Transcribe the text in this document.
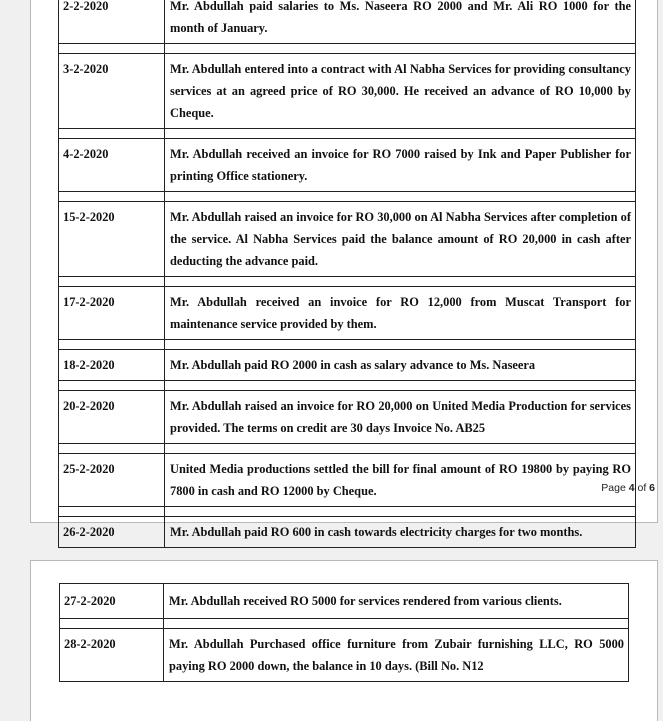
2-2-2020	Mr. Abdullah paid salaries to Ms. Naseera RO 2000 and Mr. Ali RO 1000 for the month of January.

3-2-2020	Mr. Abdullah entered into a contract with Al Nabha Services for providing consultancy services at an agreed price of RO 30,000. He received an advance of RO 10,000 by Cheque.

4-2-2020	Mr. Abdullah received an invoice for RO 7000 raised by Ink and Paper Publisher for printing Office stationery.

15-2-2020	Mr. Abdullah raised an invoice for RO 30,000 on Al Nabha Services after completion of the service. Al Nabha Services paid the balance amount of RO 20,000 in cash after deducting the advance paid.

17-2-2020	Mr. Abdullah received an invoice for RO 12,000 from Muscat Transport for maintenance service provided by them.

18-2-2020	Mr. Abdullah paid RO 2000 in cash as salary advance to Ms. Naseera

20-2-2020	Mr. Abdullah raised an invoice for RO 20,000 on United Media Production for services provided. The terms on credit are 30 days Invoice No. AB25

25-2-2020	United Media productions settled the bill for final amount of RO 19800 by paying RO 7800 in cash and RO 12000 by Cheque.

26-2-2020	Mr. Abdullah paid RO 600 in cash towards electricity charges for two months.
Page 4 of 6
27-2-2020	Mr. Abdullah received RO 5000 for services rendered from various clients.

28-2-2020	Mr. Abdullah Purchased office furniture from Zubair furnishing LLC, RO 5000 paying RO 2000 down, the balance in 10 days. (Bill No. N12
